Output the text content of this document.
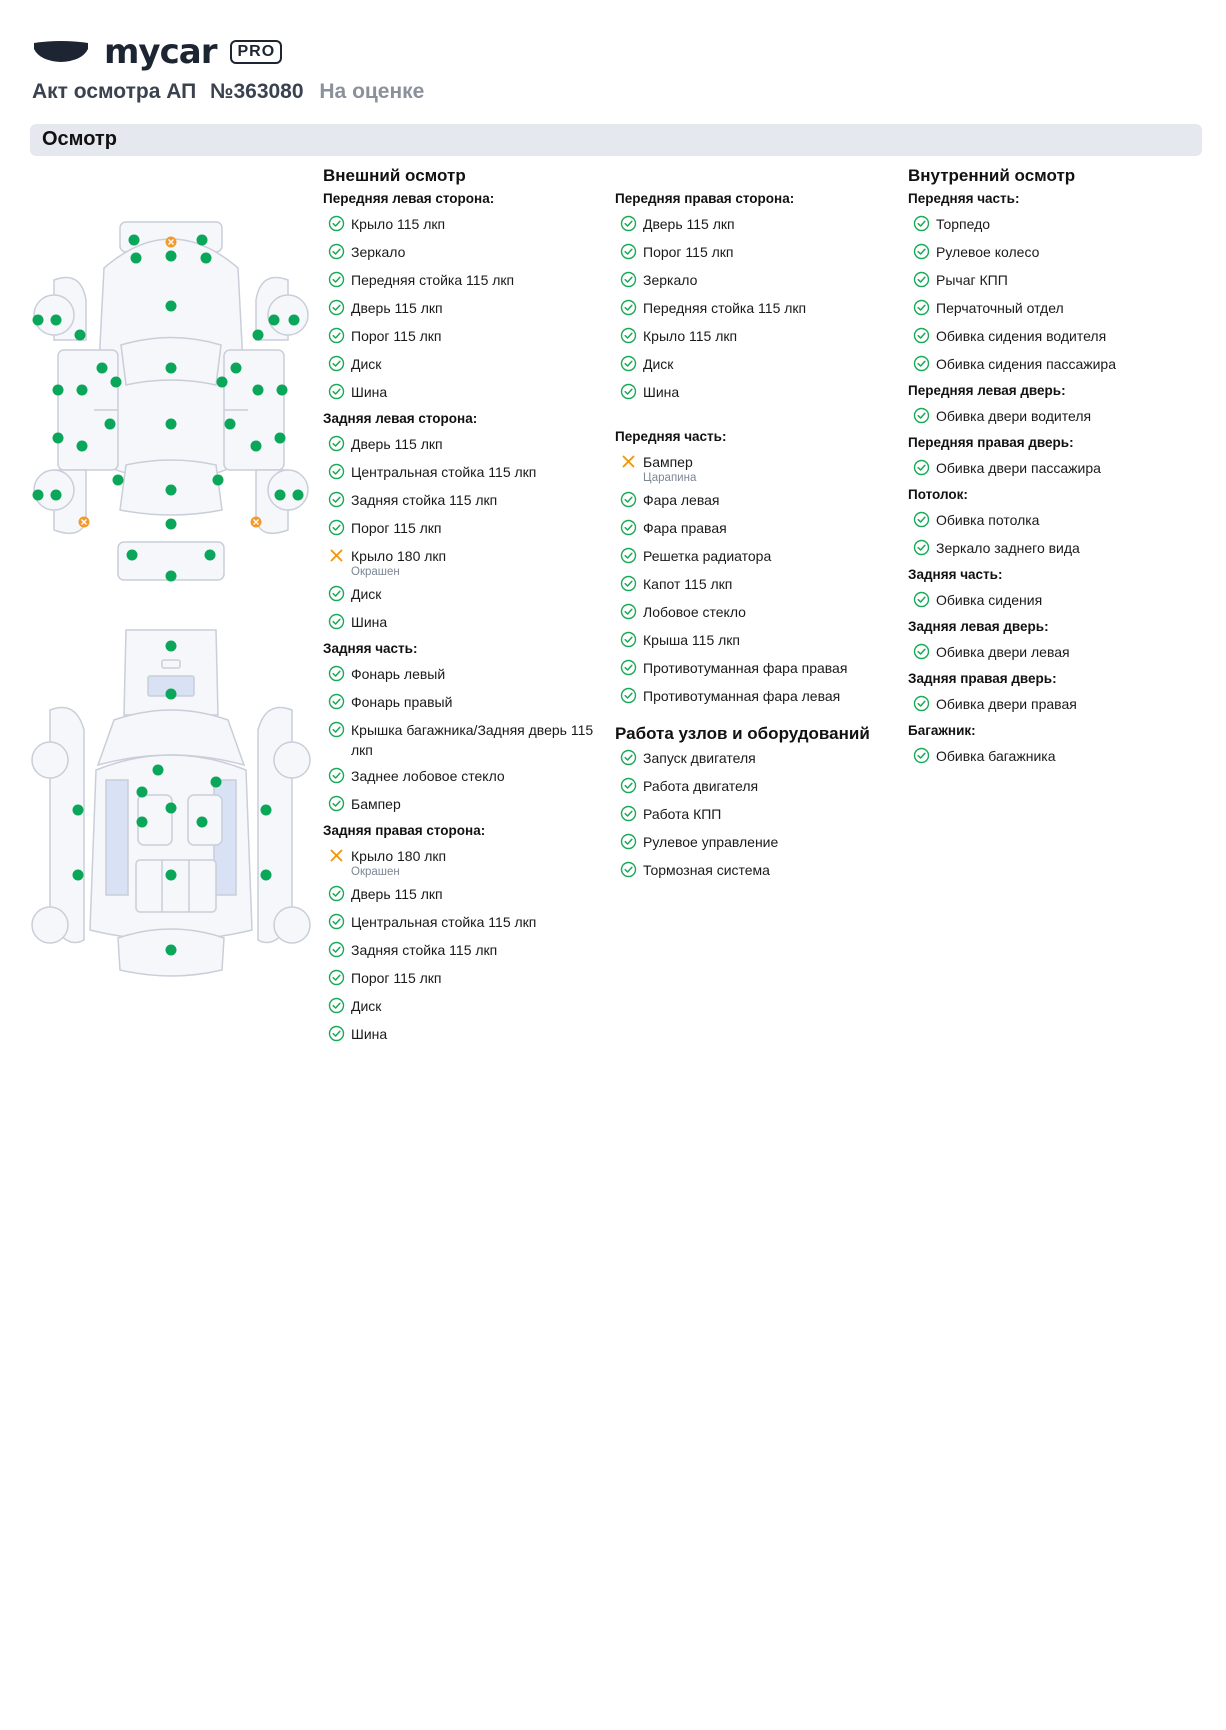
mycar	PRO
Акт осмотра АП №363080 На оценке
Осмотр
Внешний осмотр
Передняя левая сторона:
Крыло 115 лкп
Зеркало
Передняя стойка 115 лкп
Дверь 115 лкп
Порог 115 лкп
Диск
Шина
Задняя левая сторона:
Дверь 115 лкп
Центральная стойка 115 лкп
Задняя стойка 115 лкп
Порог 115 лкп
Крыло 180 лкп
Окрашен
Диск
Шина
Задняя часть:
Фонарь левый
Фонарь правый
Крышка багажника/Задняя дверь 115 лкп
Заднее лобовое стекло
Бампер
Задняя правая сторона:
Крыло 180 лкп
Окрашен
Дверь 115 лкп
Центральная стойка 115 лкп
Задняя стойка 115 лкп
Порог 115 лкп
Диск
Шина
Передняя правая сторона:
Дверь 115 лкп
Порог 115 лкп
Зеркало
Передняя стойка 115 лкп
Крыло 115 лкп
Диск
Шина
Передняя часть:
Бампер
Царапина
Фара левая
Фара правая
Решетка радиатора
Капот 115 лкп
Лобовое стекло
Крыша 115 лкп
Противотуманная фара правая
Противотуманная фара левая
Работа узлов и оборудований
Запуск двигателя
Работа двигателя
Работа КПП
Рулевое управление
Тормозная система
Внутренний осмотр
Передняя часть:
Торпедо
Рулевое колесо
Рычаг КПП
Перчаточный отдел
Обивка сидения водителя
Обивка сидения пассажира
Передняя левая дверь:
Обивка двери водителя
Передняя правая дверь:
Обивка двери пассажира
Потолок:
Обивка потолка
Зеркало заднего вида
Задняя часть:
Обивка сидения
Задняя левая дверь:
Обивка двери левая
Задняя правая дверь:
Обивка двери правая
Багажник:
Обивка багажника
